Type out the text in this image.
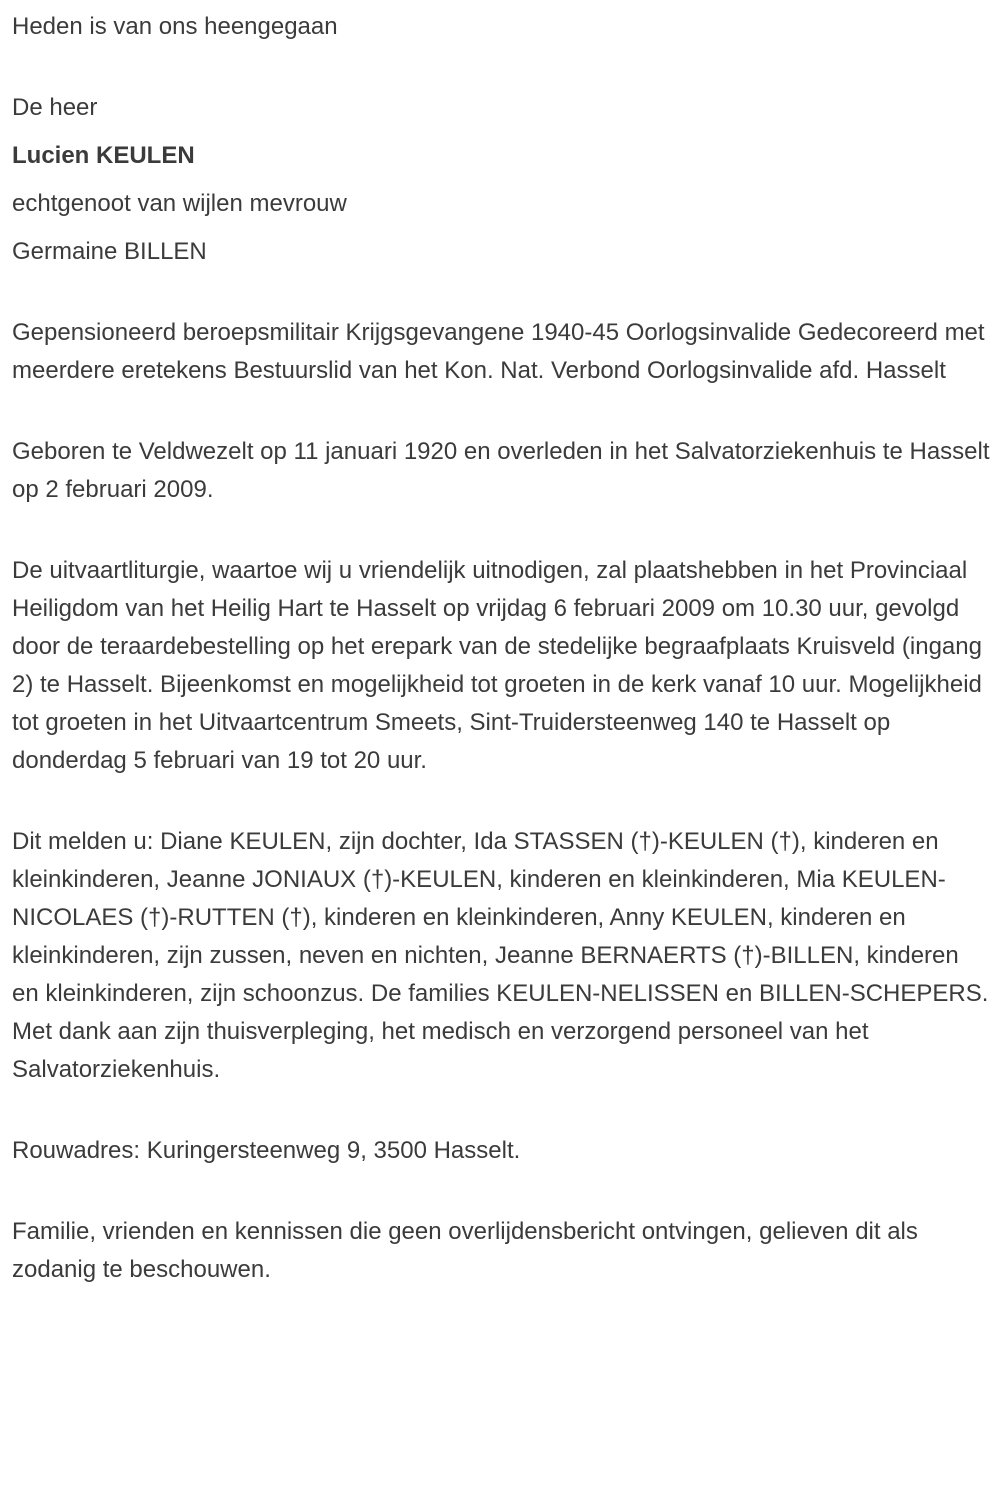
Heden is van ons heengegaan

De heer

Lucien KEULEN

echtgenoot van wijlen mevrouw

Germaine BILLEN

Gepensioneerd beroepsmilitair Krijgsgevangene 1940-45 Oorlogsinvalide Gedecoreerd met meerdere eretekens Bestuurslid van het Kon. Nat. Verbond Oorlogsinvalide afd. Hasselt

Geboren te Veldwezelt op 11 januari 1920 en overleden in het Salvatorziekenhuis te Hasselt op 2 februari 2009.

De uitvaartliturgie, waartoe wij u vriendelijk uitnodigen, zal plaatshebben in het Provinciaal Heiligdom van het Heilig Hart te Hasselt op vrijdag 6 februari 2009 om 10.30 uur, gevolgd door de teraardebestelling op het erepark van de stedelijke begraafplaats Kruisveld (ingang 2) te Hasselt. Bijeenkomst en mogelijkheid tot groeten in de kerk vanaf 10 uur. Mogelijkheid tot groeten in het Uitvaartcentrum Smeets, Sint-Truidersteenweg 140 te Hasselt op donderdag 5 februari van 19 tot 20 uur.

Dit melden u: Diane KEULEN, zijn dochter, Ida STASSEN (†)-KEULEN (†), kinderen en kleinkinderen, Jeanne JONIAUX (†)-KEULEN, kinderen en kleinkinderen, Mia KEULEN-NICOLAES (†)-RUTTEN (†), kinderen en kleinkinderen, Anny KEULEN, kinderen en kleinkinderen, zijn zussen, neven en nichten, Jeanne BERNAERTS (†)-BILLEN, kinderen en kleinkinderen, zijn schoonzus. De families KEULEN-NELISSEN en BILLEN-SCHEPERS. Met dank aan zijn thuisverpleging, het medisch en verzorgend personeel van het Salvatorziekenhuis.

Rouwadres: Kuringersteenweg 9, 3500 Hasselt.

Familie, vrienden en kennissen die geen overlijdensbericht ontvingen, gelieven dit als zodanig te beschouwen.
